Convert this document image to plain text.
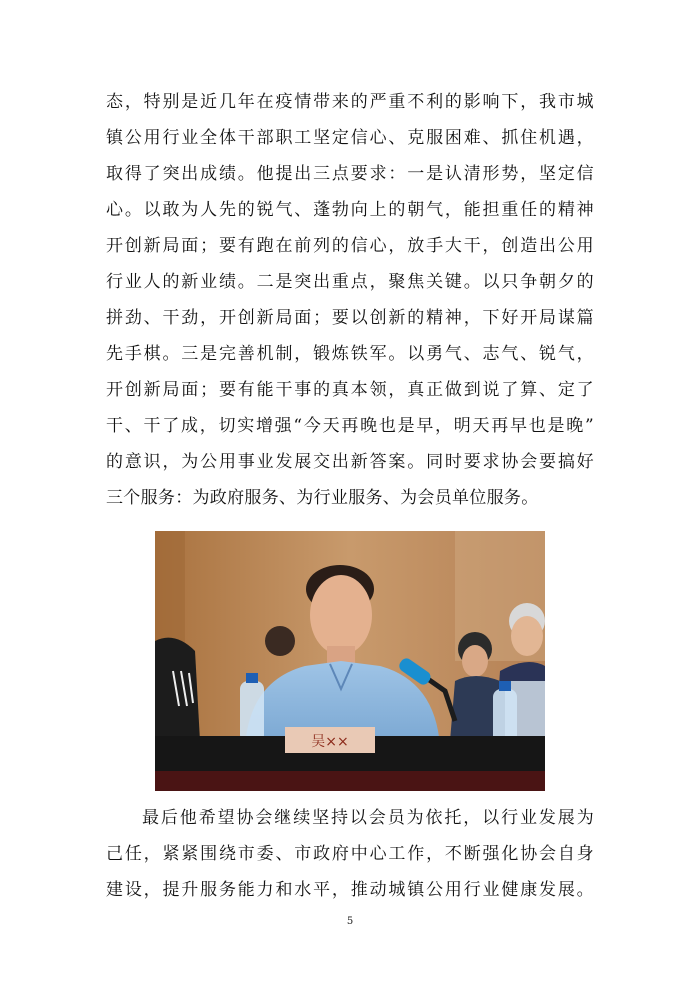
态，特别是近几年在疫情带来的严重不利的影响下，我市城
镇公用行业全体干部职工坚定信心、克服困难、抓住机遇，
取得了突出成绩。他提出三点要求：一是认清形势，坚定信
心。以敢为人先的锐气、蓬勃向上的朝气，能担重任的精神
开创新局面；要有跑在前列的信心，放手大干，创造出公用
行业人的新业绩。二是突出重点，聚焦关键。以只争朝夕的
拼劲、干劲，开创新局面；要以创新的精神，下好开局谋篇
先手棋。三是完善机制，锻炼铁军。以勇气、志气、锐气，
开创新局面；要有能干事的真本领，真正做到说了算、定了
干、干了成，切实增强“今天再晚也是早，明天再早也是晚”
的意识，为公用事业发展交出新答案。同时要求协会要搞好
三个服务：为政府服务、为行业服务、为会员单位服务。
吴××
最后他希望协会继续坚持以会员为依托，以行业发展为
己任，紧紧围绕市委、市政府中心工作，不断强化协会自身
建设，提升服务能力和水平，推动城镇公用行业健康发展。
5
